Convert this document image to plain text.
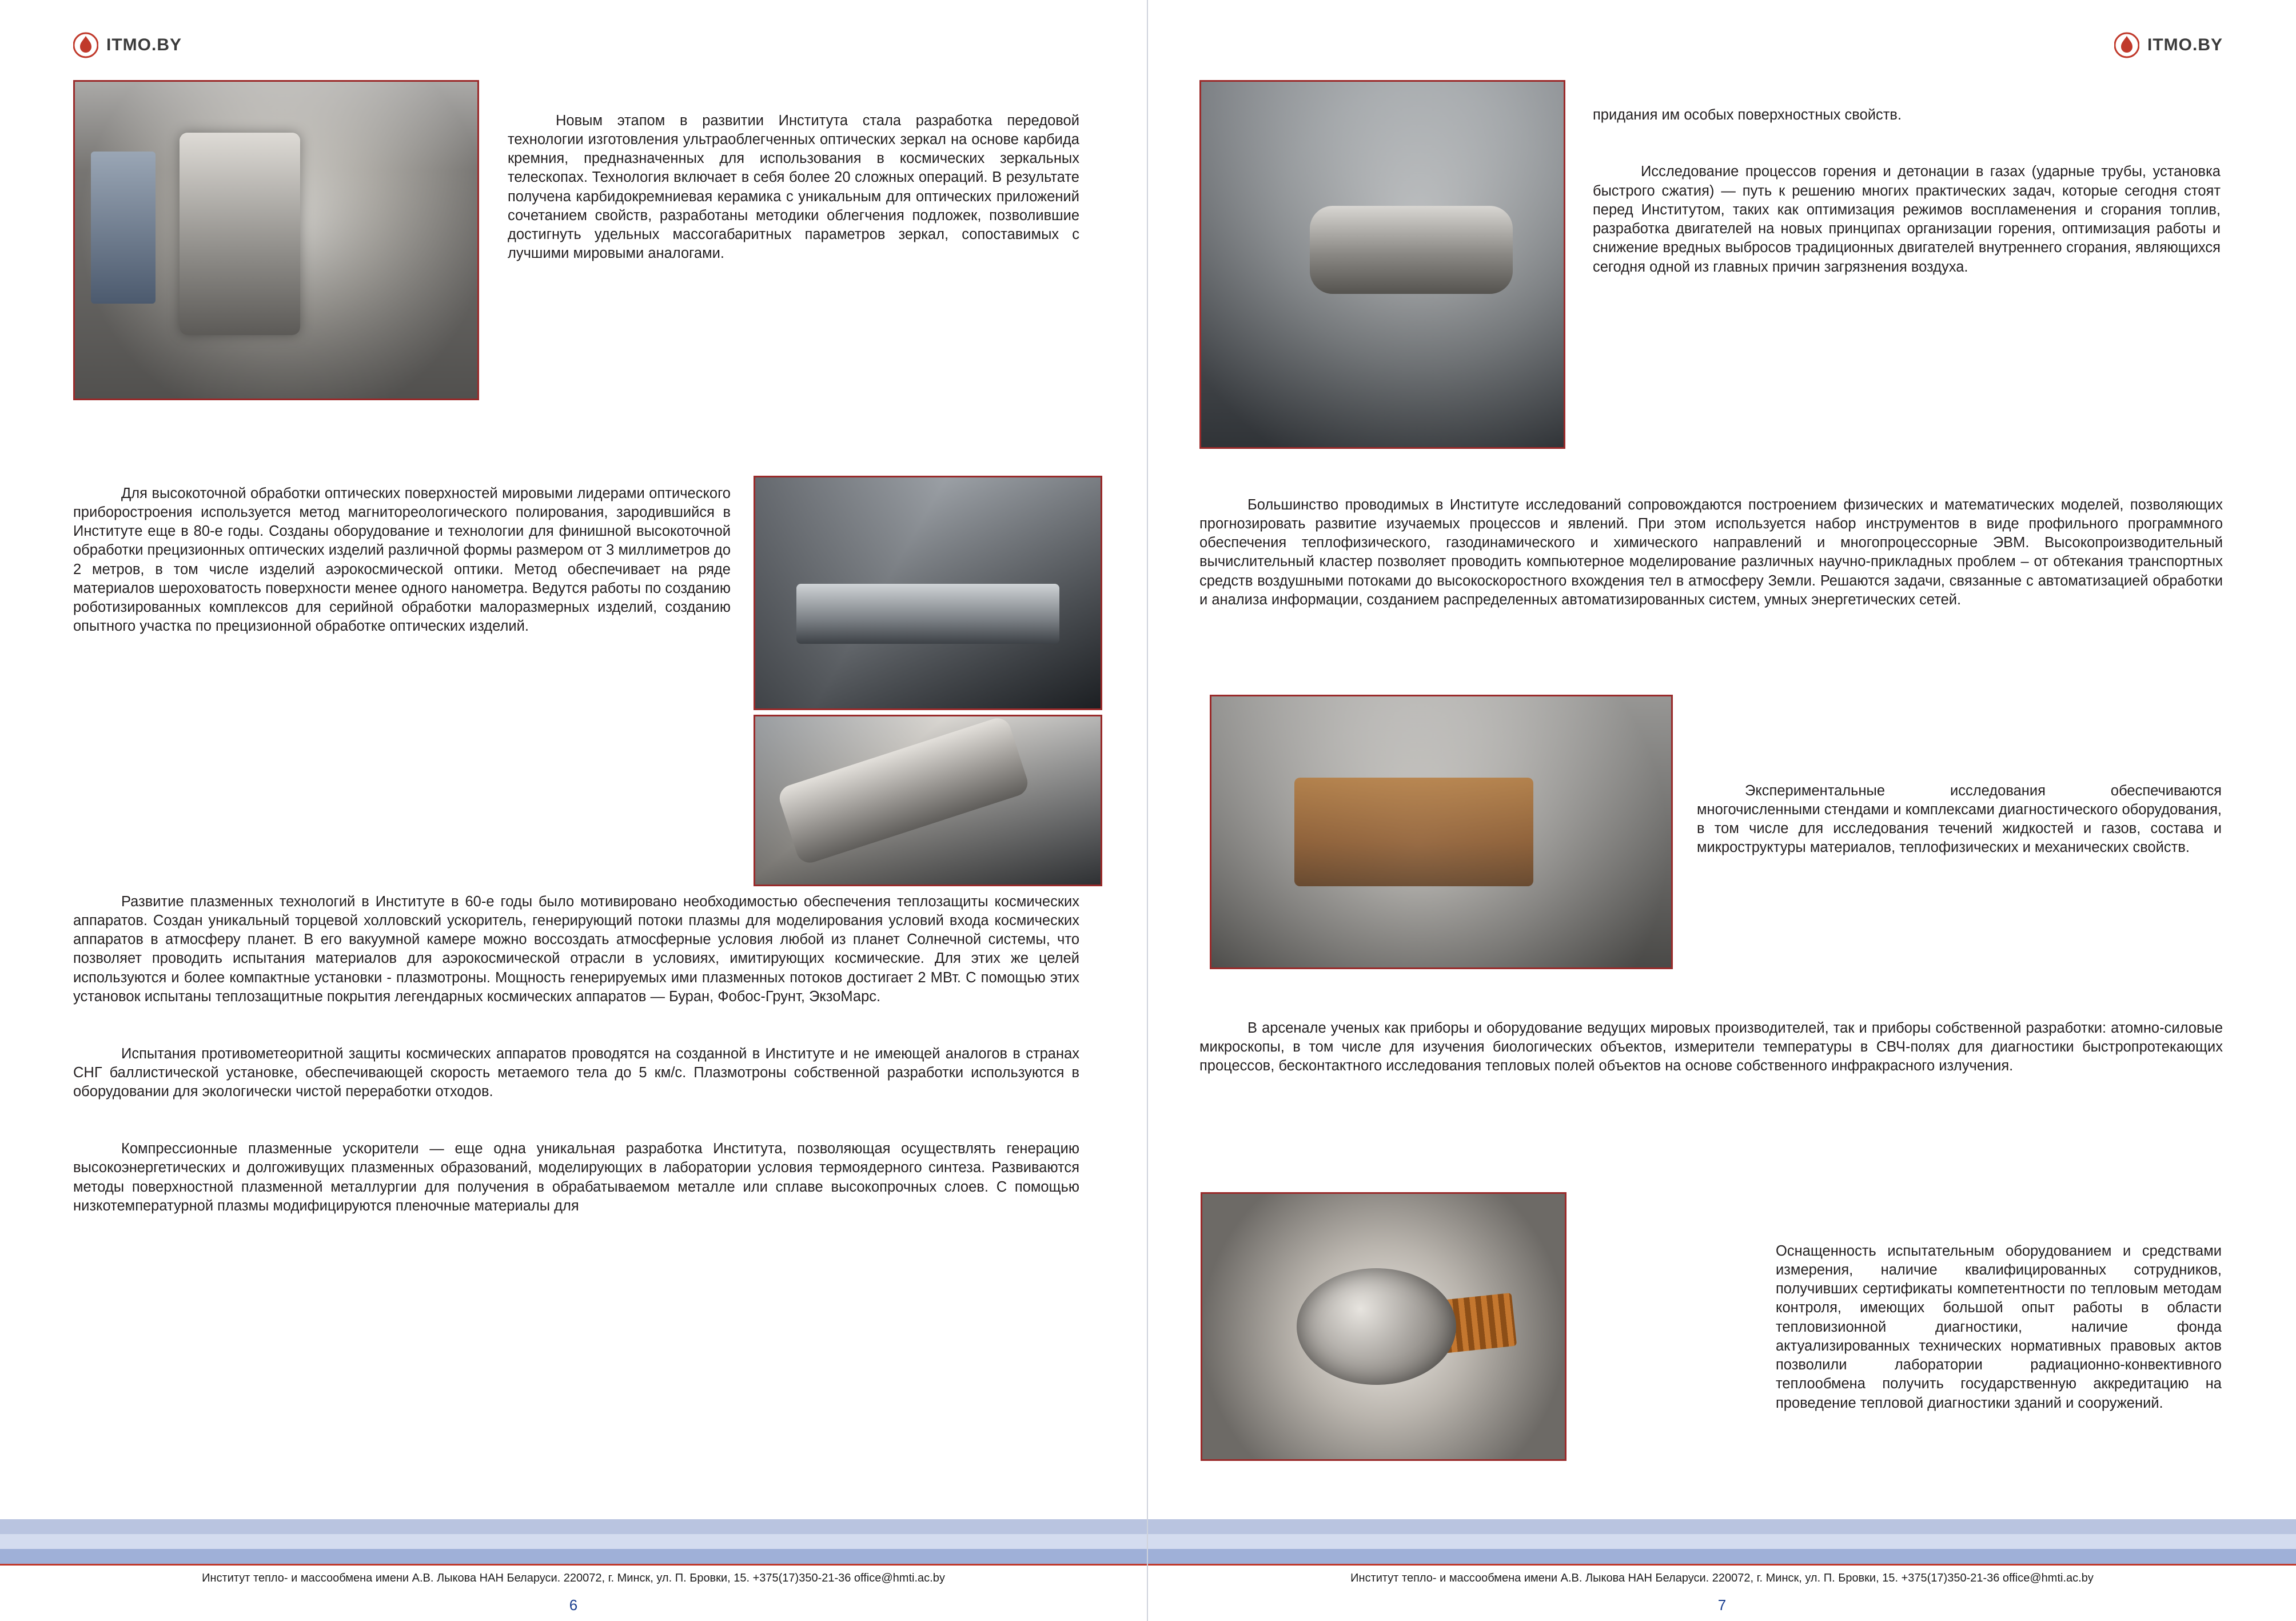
ITMO.BY

Новым этапом в развитии Института стала разработка передовой технологии изготовления ультраоблегченных оптических зеркал на основе карбида кремния, предназначенных для использования в космических зеркальных телескопах. Технология включает в себя более 20 сложных операций. В результате получена карбидокремниевая керамика с уникальным для оптических приложений сочетанием свойств, разработаны методики облегчения подложек, позволившие достигнуть удельных массогабаритных параметров зеркал, сопоставимых с лучшими мировыми аналогами.

Для высокоточной обработки оптических поверхностей мировыми лидерами оптического приборостроения используется метод магнитореологического полирования, зародившийся в Институте еще в 80-е годы. Созданы оборудование и технологии для финишной высокоточной обработки прецизионных оптических изделий различной формы размером от 3 миллиметров до 2 метров, в том числе изделий аэрокосмической оптики. Метод обеспечивает на ряде материалов шероховатость поверхности менее одного нанометра. Ведутся работы по созданию роботизированных комплексов для серийной обработки малоразмерных изделий, созданию опытного участка по прецизионной обработке оптических изделий.

Развитие плазменных технологий в Институте в 60-е годы было мотивировано необходимостью обеспечения теплозащиты космических аппаратов. Создан уникальный торцевой холловский ускоритель, генерирующий потоки плазмы для моделирования условий входа космических аппаратов в атмосферу планет. В его вакуумной камере можно воссоздать атмосферные условия любой из планет Солнечной системы, что позволяет проводить испытания материалов для аэрокосмической отрасли в условиях, имитирующих космические. Для этих же целей используются и более компактные установки - плазмотроны. Мощность генерируемых ими плазменных потоков достигает 2 МВт. С помощью этих установок испытаны теплозащитные покрытия легендарных космических аппаратов — Буран, Фобос-Грунт, ЭкзоМарс.

Испытания противометеоритной защиты космических аппаратов проводятся на созданной в Институте и не имеющей аналогов в странах СНГ баллистической установке, обеспечивающей скорость метаемого тела до 5 км/с. Плазмотроны собственной разработки используются в оборудовании для экологически чистой переработки отходов.

Компрессионные плазменные ускорители — еще одна уникальная разработка Института, позволяющая осуществлять генерацию высокоэнергетических и долгоживущих плазменных образований, моделирующих в лаборатории условия термоядерного синтеза. Развиваются методы поверхностной плазменной металлургии для получения в обрабатываемом металле или сплаве высокопрочных слоев. С помощью низкотемпературной плазмы модифицируются пленочные материалы для

Институт тепло- и массообмена имени А.В. Лыкова НАН Беларуси. 220072, г. Минск, ул. П. Бровки, 15. +375(17)350-21-36 office@hmti.ac.by
6
ITMO.BY

придания им особых поверхностных свойств.

Исследование процессов горения и детонации в газах (ударные трубы, установка быстрого сжатия) — путь к решению многих практических задач, которые сегодня стоят перед Институтом, таких как оптимизация режимов воспламенения и сгорания топлив, разработка двигателей на новых принципах организации горения, оптимизация работы и снижение вредных выбросов традиционных двигателей внутреннего сгорания, являющихся сегодня одной из главных причин загрязнения воздуха.

Большинство проводимых в Институте исследований сопровождаются построением физических и математических моделей, позволяющих прогнозировать развитие изучаемых процессов и явлений. При этом используется набор инструментов в виде профильного программного обеспечения теплофизического, газодинамического и химического направлений и многопроцессорные ЭВМ. Высокопроизводительный вычислительный кластер позволяет проводить компьютерное моделирование различных научно-прикладных проблем – от обтекания транспортных средств воздушными потоками до высокоскоростного вхождения тел в атмосферу Земли. Решаются задачи, связанные с автоматизацией обработки и анализа информации, созданием распределенных автоматизированных систем, умных энергетических сетей.

Экспериментальные исследования обеспечиваются многочисленными стендами и комплексами диагностического оборудования, в том числе для исследования течений жидкостей и газов, состава и микроструктуры материалов, теплофизических и механических свойств.

В арсенале ученых как приборы и оборудование ведущих мировых производителей, так и приборы собственной разработки: атомно-силовые микроскопы, в том числе для изучения биологических объектов, измерители температуры в СВЧ-полях для диагностики быстропротекающих процессов, бесконтактного исследования тепловых полей объектов на основе собственного инфракрасного излучения.

Оснащенность испытательным оборудованием и средствами измерения, наличие квалифицированных сотрудников, получивших сертификаты компетентности по тепловым методам контроля, имеющих большой опыт работы в области тепловизионной диагностики, наличие фонда актуализированных технических нормативных правовых актов позволили лаборатории радиационно-конвективного теплообмена получить государственную аккредитацию на проведение тепловой диагностики зданий и сооружений.

Институт тепло- и массообмена имени А.В. Лыкова НАН Беларуси. 220072, г. Минск, ул. П. Бровки, 15. +375(17)350-21-36 office@hmti.ac.by
7
